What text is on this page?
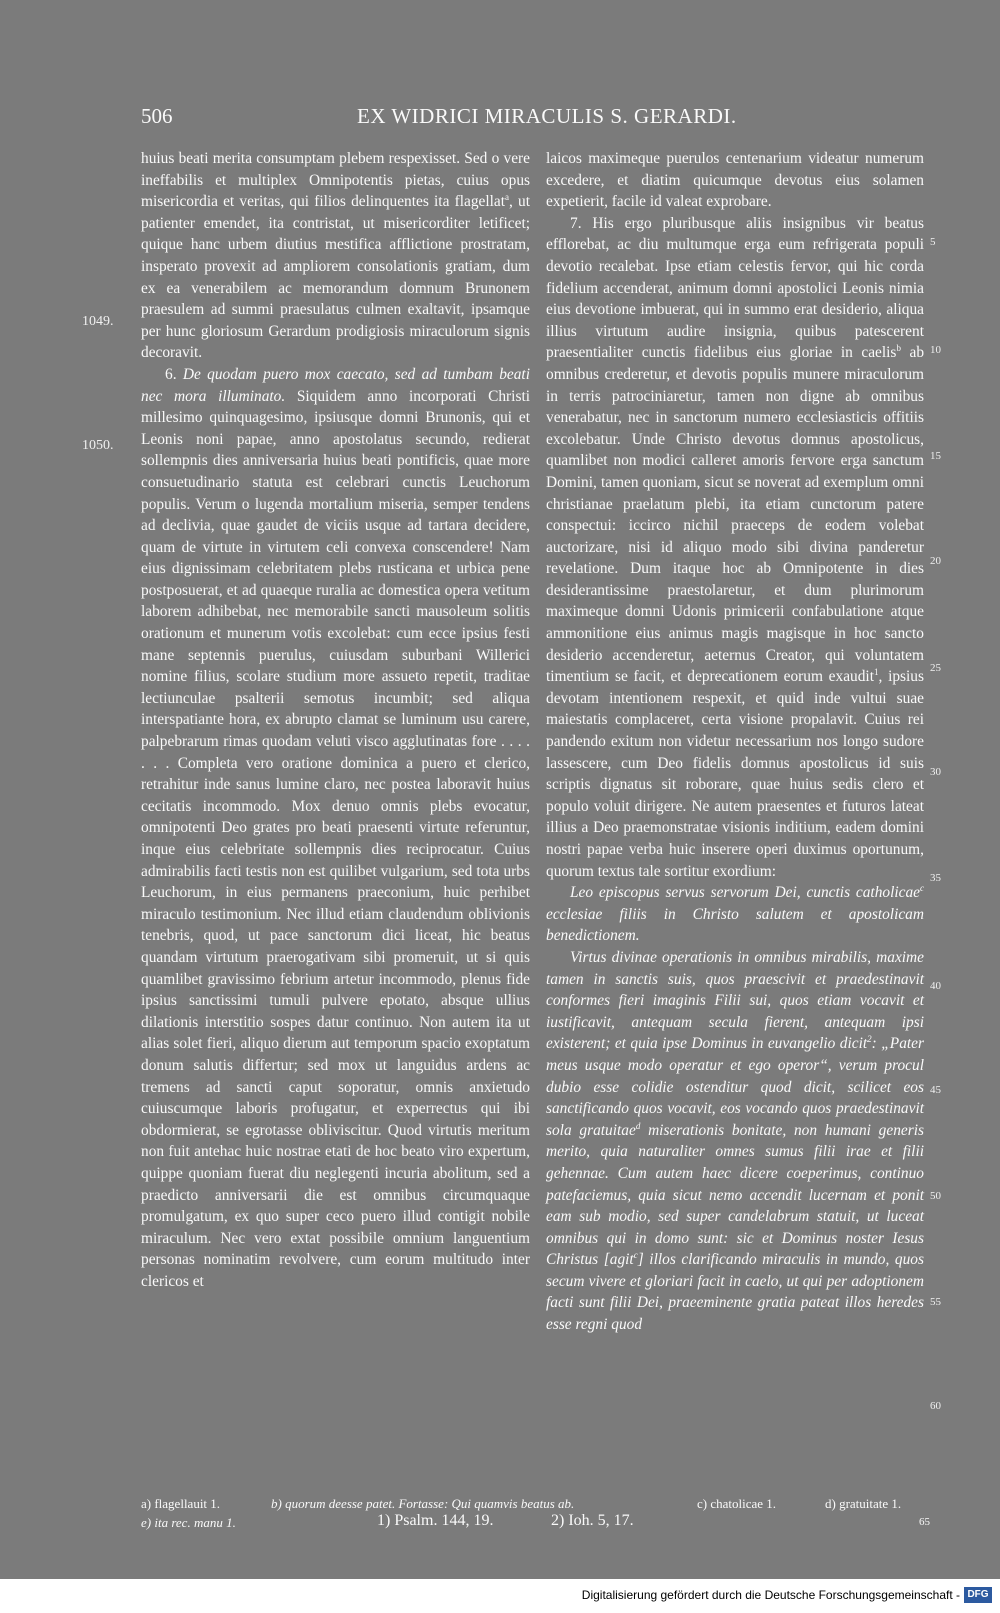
506	EX WIDRICI MIRACULIS S. GERARDI.
1049.
1050.

huius beati merita consumptam plebem respexisset. Sed o vere ineffabilis et multiplex Omnipotentis pietas, cuius opus misericordia et veritas, qui filios delinquentes ita flagellat$^a$, ut patienter emendet, ita contristat, ut misericorditer letificet; quique hanc urbem diutius mestifica afflictione prostratam, insperato provexit ad ampliorem consolationis gratiam, dum ex ea venerabilem ac memorandum domnum Brunonem praesulem ad summi praesulatus culmen exaltavit, ipsamque per hunc gloriosum Gerardum prodigiosis miraculorum signis decoravit.

6. De quodam puero mox caecato, sed ad tumbam beati nec mora illuminato. Siquidem anno incorporati Christi millesimo quinquagesimo, ipsiusque domni Brunonis, qui et Leonis noni papae, anno apostolatus secundo, redierat sollempnis dies anniversaria huius beati pontificis, quae more consuetudinario statuta est celebrari cunctis Leuchorum populis. Verum o lugenda mortalium miseria, semper tendens ad declivia, quae gaudet de viciis usque ad tartara decidere, quam de virtute in virtutem celi convexa conscendere! Nam eius dignissimam celebritatem plebs rusticana et urbica pene postposuerat, et ad quaeque ruralia ac domestica opera vetitum laborem adhibebat, nec memorabile sancti mausoleum solitis orationum et munerum votis excolebat: cum ecce ipsius festi mane septennis puerulus, cuiusdam suburbani Willerici nomine filius, scolare studium more assueto repetit, traditae lectiunculae psalterii semotus incumbit; sed aliqua interspatiante hora, ex abrupto clamat se luminum usu carere, palpebrarum rimas quodam veluti visco agglutinatas fore . . . . . . . Completa vero oratione dominica a puero et clerico, retrahitur inde sanus lumine claro, nec postea laboravit huius cecitatis incommodo. Mox denuo omnis plebs evocatur, omnipotenti Deo grates pro beati praesenti virtute referuntur, inque eius celebritate sollempnis dies reciprocatur. Cuius admirabilis facti testis non est quilibet vulgarium, sed tota urbs Leuchorum, in eius permanens praeconium, huic perhibet miraculo testimonium. Nec illud etiam claudendum oblivionis tenebris, quod, ut pace sanctorum dici liceat, hic beatus quandam virtutum praerogativam sibi promeruit, ut si quis quamlibet gravissimo febrium artetur incommodo, plenus fide ipsius sanctissimi tumuli pulvere epotato, absque ullius dilationis interstitio sospes datur continuo. Non autem ita ut alias solet fieri, aliquo dierum aut temporum spacio exoptatum donum salutis differtur; sed mox ut languidus ardens ac tremens ad sancti caput soporatur, omnis anxietudo cuiuscumque laboris profugatur, et experrectus qui ibi obdormierat, se egrotasse obliviscitur. Quod virtutis meritum non fuit antehac huic nostrae etati de hoc beato viro expertum, quippe quoniam fuerat diu neglegenti incuria abolitum, sed a praedicto anniversarii die est omnibus circumquaque promulgatum, ex quo super ceco puero illud contigit nobile miraculum. Nec vero extat possibile omnium languentium personas nominatim revolvere, cum eorum multitudo inter clericos et

laicos maximeque puerulos centenarium videatur numerum excedere, et diatim quicumque devotus eius solamen expetierit, facile id valeat exprobare.

7. His ergo pluribusque aliis insignibus vir beatus efflorebat, ac diu multumque erga eum refrigerata populi devotio recalebat. Ipse etiam celestis fervor, qui hic corda fidelium accenderat, animum domni apostolici Leonis nimia eius devotione imbuerat, qui in summo erat desiderio, aliqua illius virtutum audire insignia, quibus patescerent praesentialiter cunctis fidelibus eius gloriae in caelis$^b$ ab omnibus crederetur, et devotis populis munere miraculorum in terris patrociniaretur, tamen non digne ab omnibus venerabatur, nec in sanctorum numero ecclesiasticis offitiis excolebatur. Unde Christo devotus domnus apostolicus, quamlibet non modici calleret amoris fervore erga sanctum Domini, tamen quoniam, sicut se noverat ad exemplum omni christianae praelatum plebi, ita etiam cunctorum patere conspectui: iccirco nichil praeceps de eodem volebat auctorizare, nisi id aliquo modo sibi divina panderetur revelatione. Dum itaque hoc ab Omnipotente in dies desiderantissime praestolaretur, et dum plurimorum maximeque domni Udonis primicerii confabulatione atque ammonitione eius animus magis magisque in hoc sancto desiderio accenderetur, aeternus Creator, qui voluntatem timentium se facit, et deprecationem eorum exaudit$^1$, ipsius devotam intentionem respexit, et quid inde vultui suae maiestatis complaceret, certa visione propalavit. Cuius rei pandendo exitum non videtur necessarium nos longo sudore lassescere, cum Deo fidelis domnus apostolicus id suis scriptis dignatus sit roborare, quae huius sedis clero et populo voluit dirigere. Ne autem praesentes et futuros lateat illius a Deo praemonstratae visionis inditium, eadem domini nostri papae verba huic inserere operi duximus oportunum, quorum textus tale sortitur exordium:

Leo episcopus servus servorum Dei, cunctis catholicae$^c$ ecclesiae filiis in Christo salutem et apostolicam benedictionem.

Virtus divinae operationis in omnibus mirabilis, maxime tamen in sanctis suis, quos praescivit et praedestinavit conformes fieri imaginis Filii sui, quos etiam vocavit et iustificavit, antequam secula fierent, antequam ipsi existerent; et quia ipse Dominus in euvangelio dicit$^2$: „Pater meus usque modo operatur et ego operor“, verum procul dubio esse colidie ostenditur quod dicit, scilicet eos sanctificando quos vocavit, eos vocando quos praedestinavit sola gratuitae$^d$ miserationis bonitate, non humani generis merito, quia naturaliter omnes sumus filii irae et filii gehennae. Cum autem haec dicere coeperimus, continuo patefaciemus, quia sicut nemo accendit lucernam et ponit eam sub modio, sed super candelabrum statuit, ut luceat omnibus qui in domo sunt: sic et Dominus noster Iesus Christus [agit$^c$] illos clarificando miraculis in mundo, quos secum vivere et gloriari facit in caelo, ut qui per adoptionem facti sunt filii Dei, praeeminente gratia pateat illos heredes esse regni quod

5
10
15
20
25
30
35
40
45
50
55
60
a) flagellauit 1.	b) quorum deesse patet. Fortasse: Qui quamvis beatus ab.	c) chatolicae 1.	d) gratuitate 1.
e) ita rec. manu 1.	1) Psalm. 144, 19.	2) Ioh. 5, 17.	65
Digitalisierung gefördert durch die Deutsche Forschungsgemeinschaft - DFG
